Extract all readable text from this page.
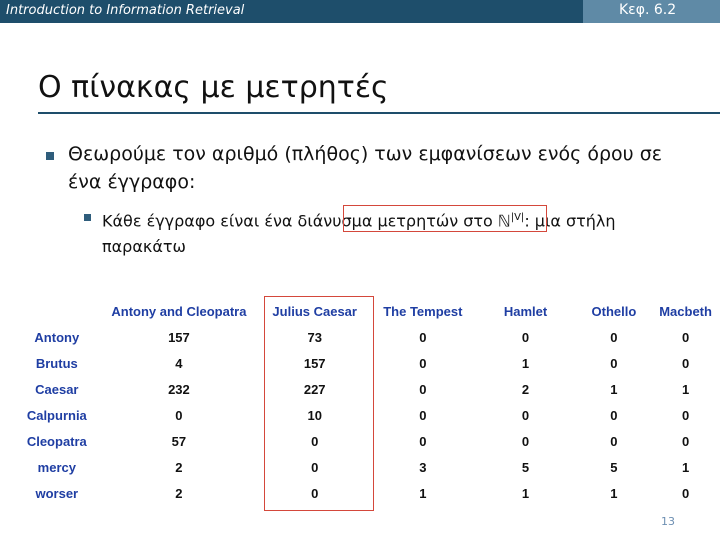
Introduction to Information Retrieval	Κεφ. 6.2
Ο πίνακας με μετρητές
Θεωρούμε τον αριθμό (πλήθος) των εμφανίσεων ενός όρου σε ένα έγγραφο:
Κάθε έγγραφο είναι ένα διάνυσμα μετρητών στο ℕ$^{|V|}$: μια στήλη παρακάτω
	Antony and Cleopatra	Julius Caesar	The Tempest	Hamlet	Othello	Macbeth
Antony	157	73	0	0	0	0
Brutus	4	157	0	1	0	0
Caesar	232	227	0	2	1	1
Calpurnia	0	10	0	0	0	0
Cleopatra	57	0	0	0	0	0
mercy	2	0	3	5	5	1
worser	2	0	1	1	1	0
13
